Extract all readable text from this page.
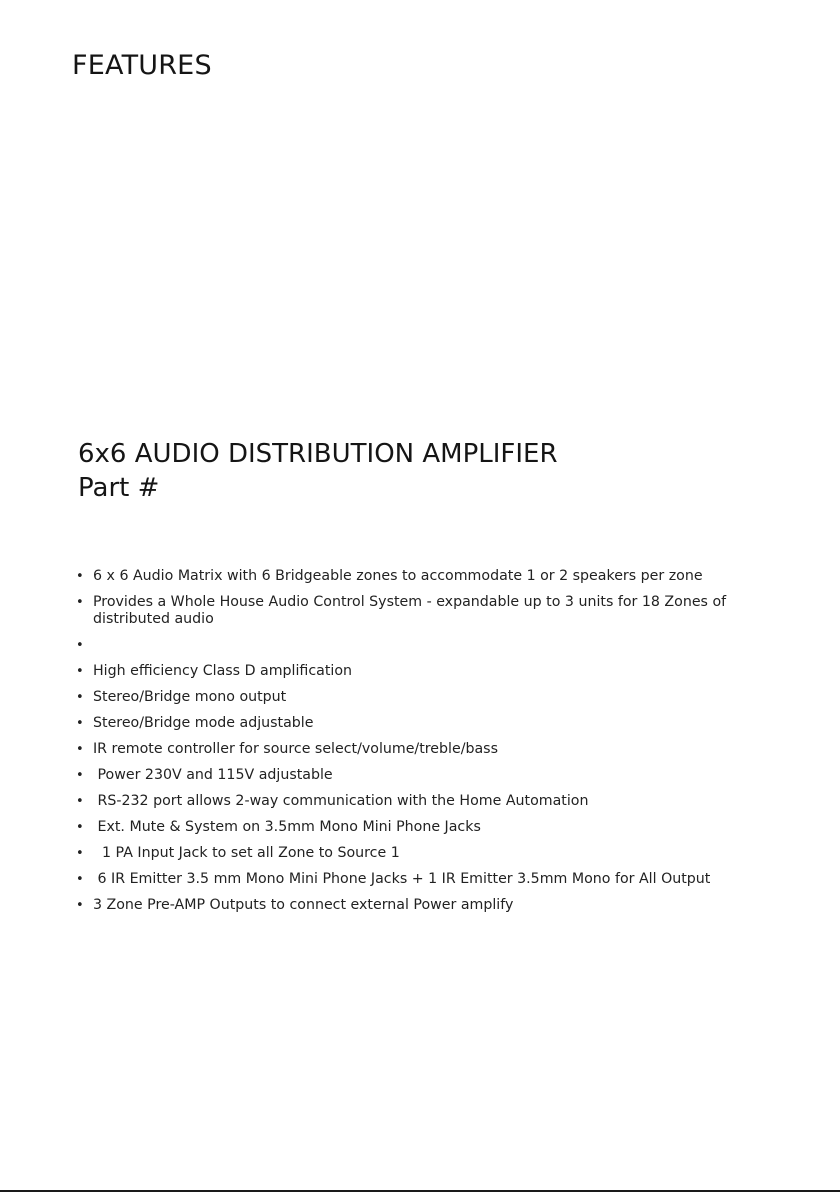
FEATURES
6x6 AUDIO DISTRIBUTION AMPLIFIER
Part #
• 6 x 6 Audio Matrix with 6 Bridgeable zones to accommodate 1 or 2 speakers per zone
• Provides a Whole House Audio Control System - expandable up to 3 units for 18 Zones of distributed audio
•
• High efficiency Class D amplification
• Stereo/Bridge mono output
• Stereo/Bridge mode adjustable
• IR remote controller for source select/volume/treble/bass
•  Power 230V and 115V adjustable
•  RS-232 port allows 2-way communication with the Home Automation
•  Ext. Mute & System on 3.5mm Mono Mini Phone Jacks
•   1 PA Input Jack to set all Zone to Source 1
•  6 IR Emitter 3.5 mm Mono Mini Phone Jacks + 1 IR Emitter 3.5mm Mono for All Output
• 3 Zone Pre-AMP Outputs to connect external Power amplify
